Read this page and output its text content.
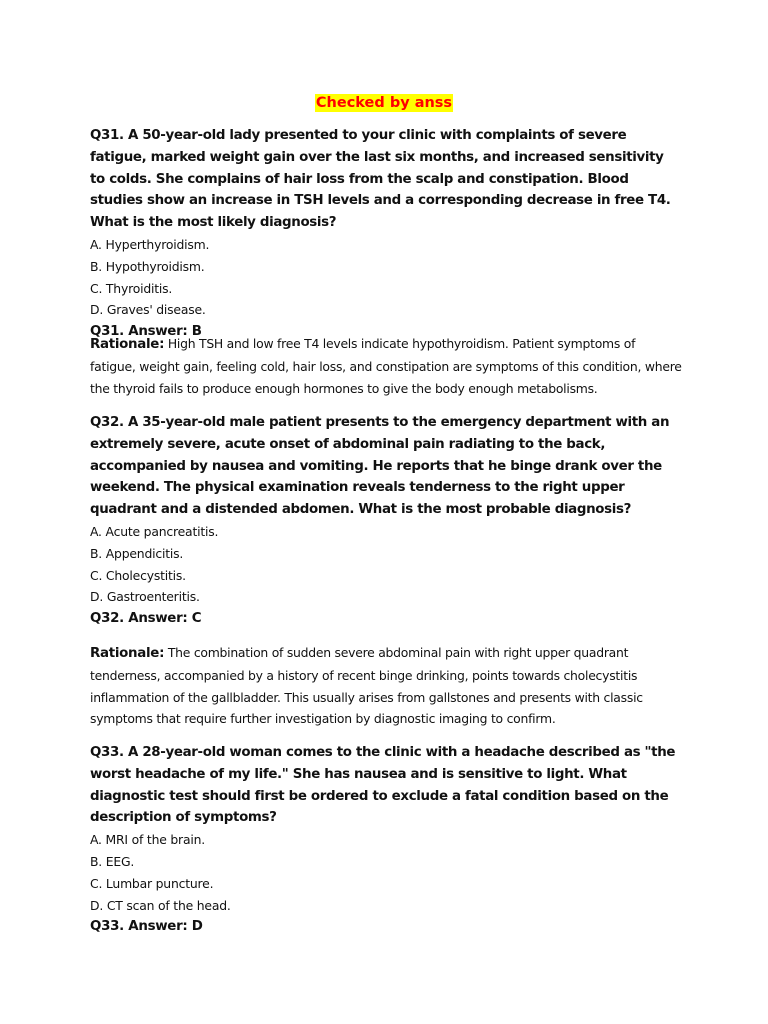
Checked by anss

Q31. A 50-year-old lady presented to your clinic with complaints of severe fatigue, marked weight gain over the last six months, and increased sensitivity to colds. She complains of hair loss from the scalp and constipation. Blood studies show an increase in TSH levels and a corresponding decrease in free T4. What is the most likely diagnosis?

A. Hyperthyroidism.
B. Hypothyroidism.
C. Thyroiditis.
D. Graves' disease.

Q31. Answer: B

Rationale: High TSH and low free T4 levels indicate hypothyroidism. Patient symptoms of fatigue, weight gain, feeling cold, hair loss, and constipation are symptoms of this condition, where the thyroid fails to produce enough hormones to give the body enough metabolisms.

Q32. A 35-year-old male patient presents to the emergency department with an extremely severe, acute onset of abdominal pain radiating to the back, accompanied by nausea and vomiting. He reports that he binge drank over the weekend. The physical examination reveals tenderness to the right upper quadrant and a distended abdomen. What is the most probable diagnosis?

A. Acute pancreatitis.
B. Appendicitis.
C. Cholecystitis.
D. Gastroenteritis.

Q32. Answer: C

Rationale: The combination of sudden severe abdominal pain with right upper quadrant tenderness, accompanied by a history of recent binge drinking, points towards cholecystitis inflammation of the gallbladder. This usually arises from gallstones and presents with classic symptoms that require further investigation by diagnostic imaging to confirm.

Q33. A 28-year-old woman comes to the clinic with a headache described as "the worst headache of my life." She has nausea and is sensitive to light. What diagnostic test should first be ordered to exclude a fatal condition based on the description of symptoms?

A. MRI of the brain.
B. EEG.
C. Lumbar puncture.
D. CT scan of the head.

Q33. Answer: D
